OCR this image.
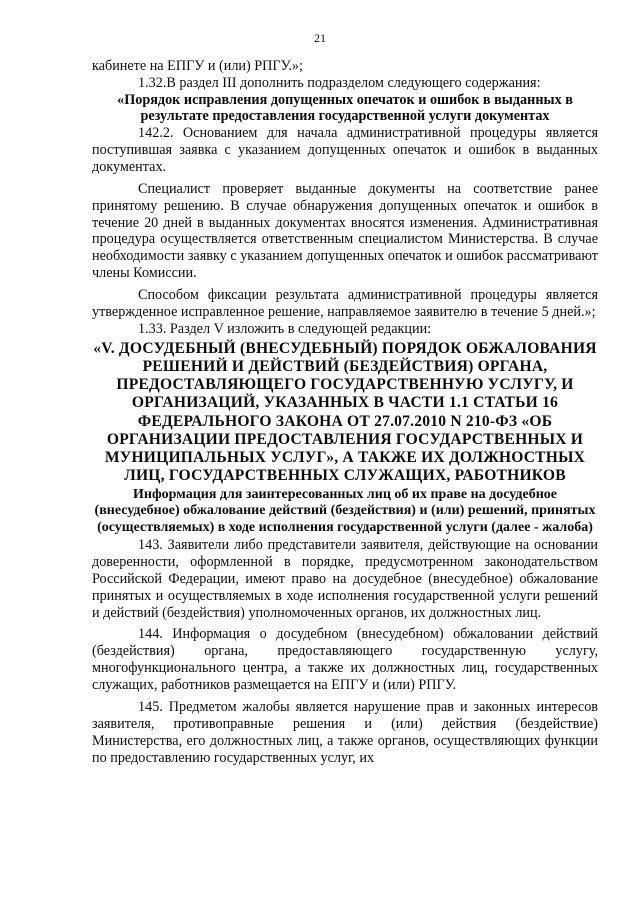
21

кабинете на ЕПГУ и (или) РПГУ.»;

1.32.В раздел III дополнить подразделом следующего содержания:

«Порядок исправления допущенных опечаток и ошибок в выданных в результате предоставления государственной услуги документах

142.2. Основанием для начала административной процедуры является поступившая заявка с указанием допущенных опечаток и ошибок в выданных документах.

Специалист проверяет выданные документы на соответствие ранее принятому решению. В случае обнаружения допущенных опечаток и ошибок в течение 20 дней в выданных документах вносятся изменения. Административная процедура осуществляется ответственным специалистом Министерства. В случае необходимости заявку с указанием допущенных опечаток и ошибок рассматривают члены Комиссии.

Способом фиксации результата административной процедуры является утвержденное исправленное решение, направляемое заявителю в течение 5 дней.»;

1.33. Раздел V изложить в следующей редакции:

«V. ДОСУДЕБНЫЙ (ВНЕСУДЕБНЫЙ) ПОРЯДОК ОБЖАЛОВАНИЯ РЕШЕНИЙ И ДЕЙСТВИЙ (БЕЗДЕЙСТВИЯ) ОРГАНА, ПРЕДОСТАВЛЯЮЩЕГО ГОСУДАРСТВЕННУЮ УСЛУГУ, И ОРГАНИЗАЦИЙ, УКАЗАННЫХ В ЧАСТИ 1.1 СТАТЬИ 16 ФЕДЕРАЛЬНОГО ЗАКОНА ОТ 27.07.2010 N 210-ФЗ «ОБ ОРГАНИЗАЦИИ ПРЕДОСТАВЛЕНИЯ ГОСУДАРСТВЕННЫХ И МУНИЦИПАЛЬНЫХ УСЛУГ», А ТАКЖЕ ИХ ДОЛЖНОСТНЫХ ЛИЦ, ГОСУДАРСТВЕННЫХ СЛУЖАЩИХ, РАБОТНИКОВ

Информация для заинтересованных лиц об их праве на досудебное (внесудебное) обжалование действий (бездействия) и (или) решений, принятых (осуществляемых) в ходе исполнения государственной услуги (далее - жалоба)

143. Заявители либо представители заявителя, действующие на основании доверенности, оформленной в порядке, предусмотренном законодательством Российской Федерации, имеют право на досудебное (внесудебное) обжалование принятых и осуществляемых в ходе исполнения государственной услуги решений и действий (бездействия) уполномоченных органов, их должностных лиц.

144. Информация о досудебном (внесудебном) обжаловании действий (бездействия) органа, предоставляющего государственную услугу, многофункционального центра, а также их должностных лиц, государственных служащих, работников размещается на ЕПГУ и (или) РПГУ.

145. Предметом жалобы является нарушение прав и законных интересов заявителя, противоправные решения и (или) действия (бездействие) Министерства, его должностных лиц, а также органов, осуществляющих функции по предоставлению государственных услуг, их
